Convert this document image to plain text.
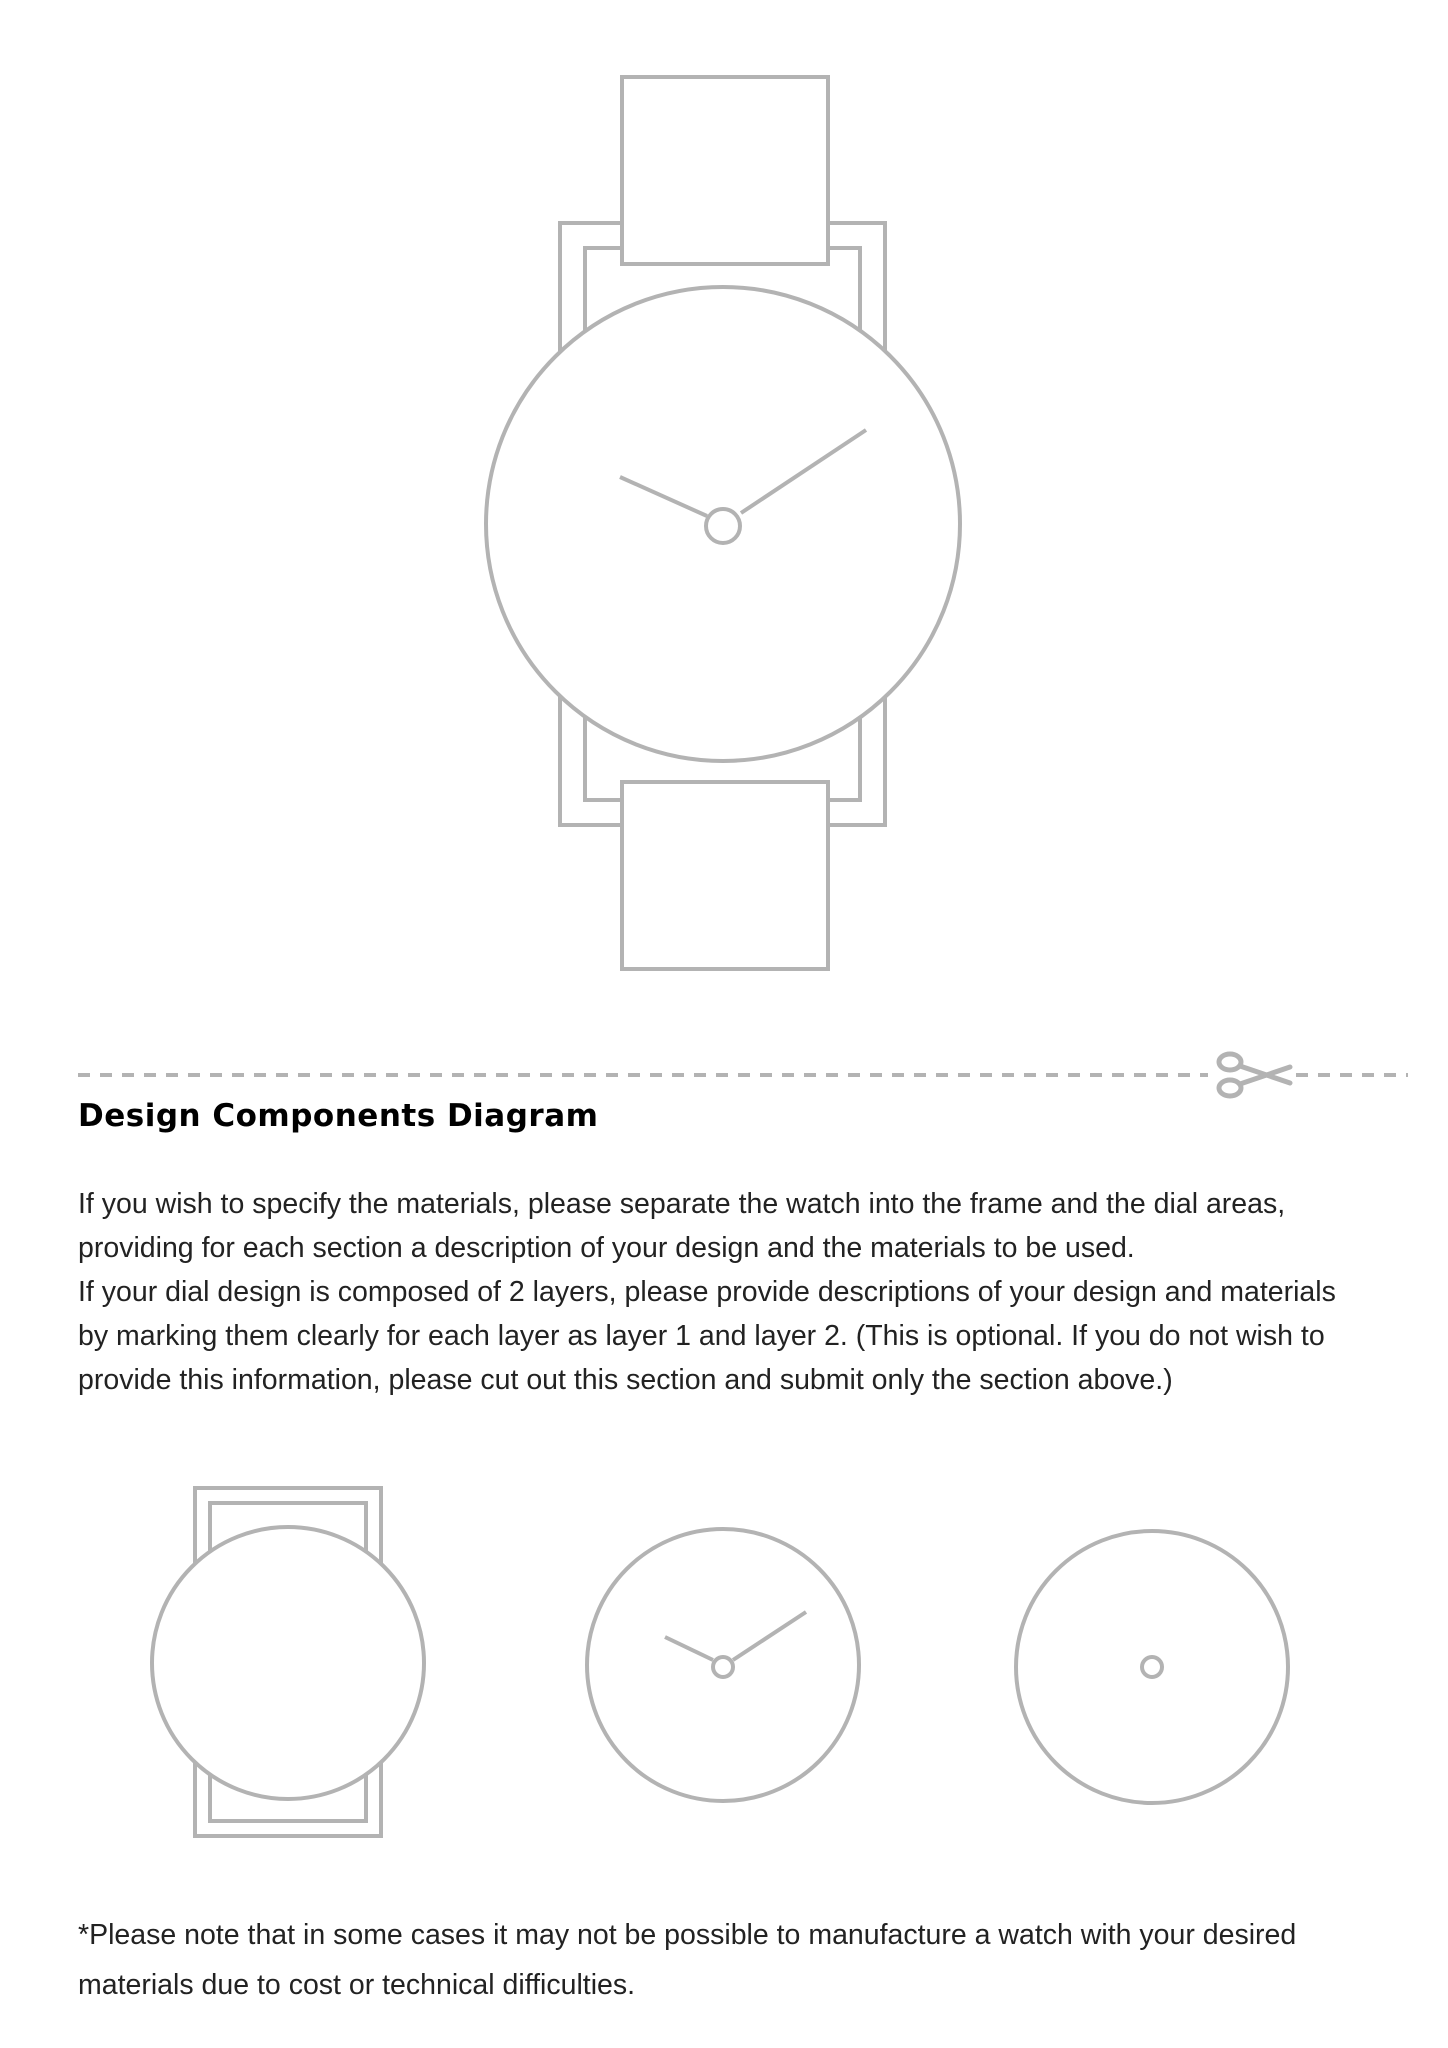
Design Components Diagram

If you wish to specify the materials, please separate the watch into the frame and the dial areas,

providing for each section a description of your design and the materials to be used.

If your dial design is composed of 2 layers, please provide descriptions of your design and materials

by marking them clearly for each layer as layer 1 and layer 2. (This is optional. If you do not wish to

provide this information, please cut out this section and submit only the section above.)

*Please note that in some cases it may not be possible to manufacture a watch with your desired

materials due to cost or technical difficulties.
